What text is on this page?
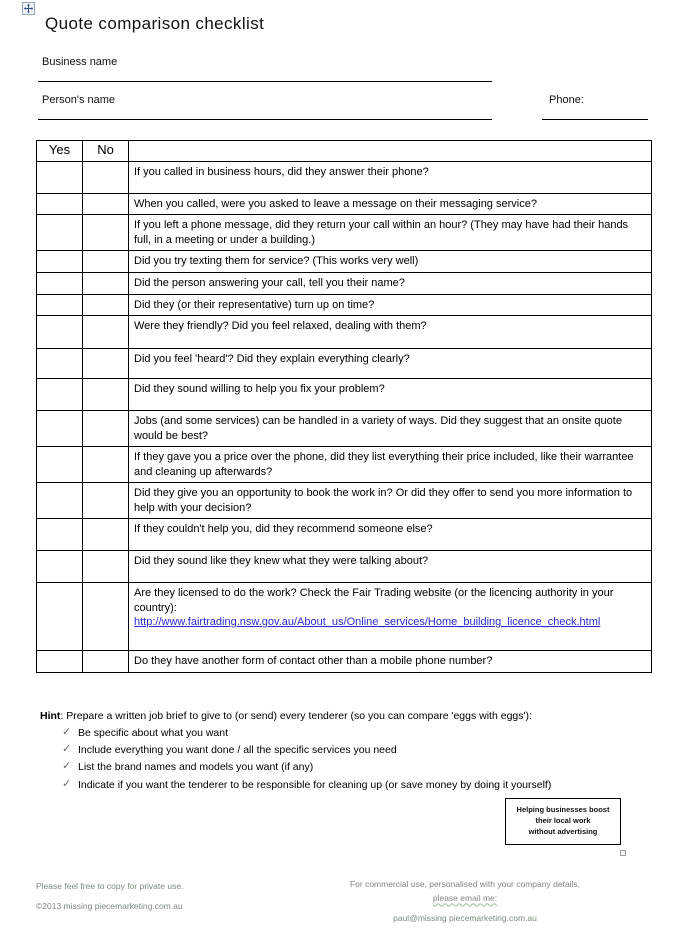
Quote comparison checklist
Business name
Person's name	Phone:
Yes	No	
		If you called in business hours, did they answer their phone?
		When you called, were you asked to leave a message on their messaging service?
		If you left a phone message, did they return your call within an hour? (They may have had their hands full, in a meeting or under a building.)
		Did you try texting them for service? (This works very well)
		Did the person answering your call, tell you their name?
		Did they (or their representative) turn up on time?
		Were they friendly? Did you feel relaxed, dealing with them?
		Did you feel 'heard'? Did they explain everything clearly?
		Did they sound willing to help you fix your problem?
		Jobs (and some services) can be handled in a variety of ways. Did they suggest that an onsite quote would be best?
		If they gave you a price over the phone, did they list everything their price included, like their warrantee and cleaning up afterwards?
		Did they give you an opportunity to book the work in? Or did they offer to send you more information to help with your decision?
		If they couldn't help you, did they recommend someone else?
		Did they sound like they knew what they were talking about?
		Are they licensed to do the work? Check the Fair Trading website (or the licencing authority in your country):
http://www.fairtrading.nsw.gov.au/About_us/Online_services/Home_building_licence_check.html
		Do they have another form of contact other than a mobile phone number?
Hint: Prepare a written job brief to give to (or send) every tenderer (so you can compare 'eggs with eggs'):
✓ Be specific about what you want
✓ Include everything you want done / all the specific services you need
✓ List the brand names and models you want (if any)
✓ Indicate if you want the tenderer to be responsible for cleaning up (or save money by doing it yourself)
Helping businesses boost
their local work
without advertising
Please feel free to copy for private use.
©2013 missing piecemarketing.com.au
For commercial use, personalised with your company details,
please email me:
paul@missing piecemarketing.com.au
